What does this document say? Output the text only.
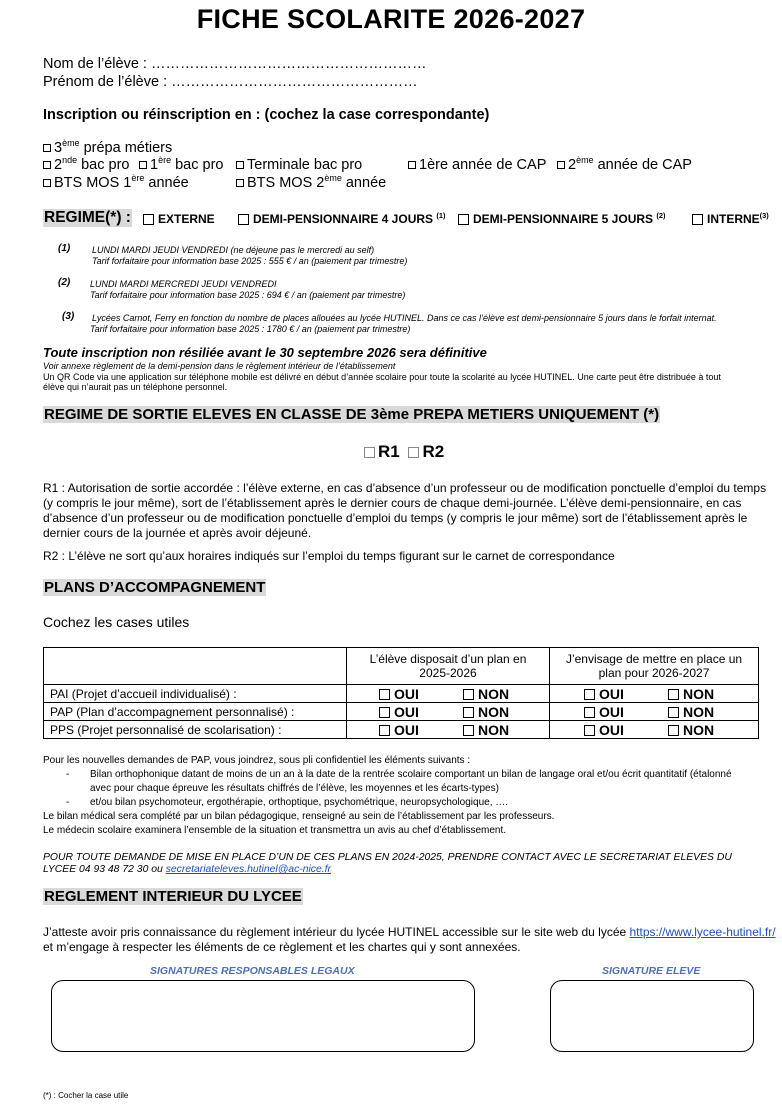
FICHE SCOLARITE 2026-2027
Nom de l’élève : …………………………………………………
Prénom de l’élève : ……………………………………………
Inscription ou réinscription en : (cochez la case correspondante)
3ème prépa métiers
2nde bac pro	1ère bac pro	Terminale bac pro	1ère année de CAP	2ème année de CAP
BTS MOS 1ère année	BTS MOS 2ème année
REGIME(*) :	EXTERNE	DEMI-PENSIONNAIRE 4 JOURS $^{(1)}$	DEMI-PENSIONNAIRE 5 JOURS $^{(2)}$	INTERNE$^{(3)}$
(1) LUNDI MARDI JEUDI VENDREDI (ne déjeune pas le mercredi au self)
Tarif forfaitaire pour information base 2025 : 555 € / an (paiement par trimestre)
(2) LUNDI MARDI MERCREDI JEUDI VENDREDI
Tarif forfaitaire pour information base 2025 : 694 € / an (paiement par trimestre)
(3) Lycées Carnot, Ferry en fonction du nombre de places allouées au lycée HUTINEL. Dans ce cas l’élève est demi-pensionnaire 5 jours dans le forfait internat.
Tarif forfaitaire pour information base 2025 : 1780 € / an (paiement par trimestre)
Toute inscription non résiliée avant le 30 septembre 2026 sera définitive
Voir annexe règlement de la demi-pension dans le règlement intérieur de l’établissement
Un QR Code via une application sur téléphone mobile est délivré en début d’année scolaire pour toute la scolarité au lycée HUTINEL. Une carte peut être distribuée à tout
élève qui n’aurait pas un téléphone personnel.
REGIME DE SORTIE ELEVES EN CLASSE DE 3ème PREPA METIERS UNIQUEMENT (*)
R1 R2
R1 : Autorisation de sortie accordée : l’élève externe, en cas d’absence d’un professeur ou de modification ponctuelle d’emploi du temps (y compris le jour même), sort de l’établissement après le dernier cours de chaque demi-journée. L’élève demi-pensionnaire, en cas d’absence d’un professeur ou de modification ponctuelle d’emploi du temps (y compris le jour même) sort de l’établissement après le dernier cours de la journée et après avoir déjeuné.
R2 : L’élève ne sort qu’aux horaires indiqués sur l’emploi du temps figurant sur le carnet de correspondance
PLANS D’ACCOMPAGNEMENT
Cochez les cases utiles
	L’élève disposait d’un plan en 2025-2026	J’envisage de mettre en place un plan pour 2026-2027
PAI (Projet d’accueil individualisé) :	OUI NON	OUI NON
PAP (Plan d’accompagnement personnalisé) :	OUI NON	OUI NON
PPS (Projet personnalisé de scolarisation) :	OUI NON	OUI NON
Pour les nouvelles demandes de PAP, vous joindrez, sous pli confidentiel les éléments suivants :
- Bilan orthophonique datant de moins de un an à la date de la rentrée scolaire comportant un bilan de langage oral et/ou écrit quantitatif (étalonné
avec pour chaque épreuve les résultats chiffrés de l’élève, les moyennes et les écarts-types)
- et/ou bilan psychomoteur, ergothérapie, orthoptique, psychométrique, neuropsychologique, ….
Le bilan médical sera complété par un bilan pédagogique, renseigné au sein de l’établissement par les professeurs.
Le médecin scolaire examinera l’ensemble de la situation et transmettra un avis au chef d’établissement.
POUR TOUTE DEMANDE DE MISE EN PLACE D’UN DE CES PLANS EN 2024-2025, PRENDRE CONTACT AVEC LE SECRETARIAT ELEVES DU
LYCEE 04 93 48 72 30 ou secretariateleves.hutinel@ac-nice.fr
REGLEMENT INTERIEUR DU LYCEE
J’atteste avoir pris connaissance du règlement intérieur du lycée HUTINEL accessible sur le site web du lycée https://www.lycee-hutinel.fr/
et m’engage à respecter les éléments de ce règlement et les chartes qui y sont annexées.
SIGNATURES RESPONSABLES LEGAUX	SIGNATURE ELEVE
(*) : Cocher la case utile
